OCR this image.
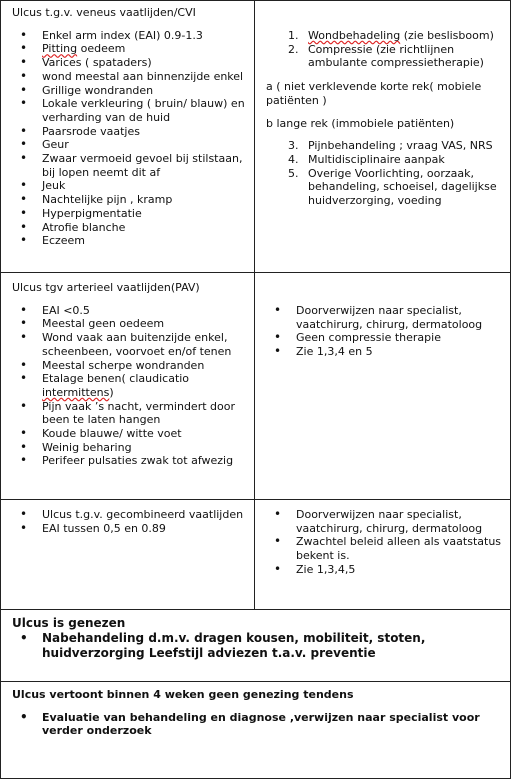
Ulcus t.g.v. veneus vaatlijden/CVI

• Enkel arm index (EAI) 0.9-1.3
• Pitting oedeem
• Varices ( spataders)
• wond meestal aan binnenzijde enkel
• Grillige wondranden
• Lokale verkleuring ( bruin/ blauw) en verharding van de huid
• Paarsrode vaatjes
• Geur
• Zwaar vermoeid gevoel bij stilstaan, bij lopen neemt dit af
• Jeuk
• Nachtelijke pijn , kramp
• Hyperpigmentatie
• Atrofie blanche
• Eczeem
1. Wondbehadeling (zie beslisboom)
2. Compressie (zie richtlijnen ambulante compressietherapie)

a ( niet verklevende korte rek( mobiele patiënten )

b lange rek (immobiele patiënten)

3. Pijnbehandeling ; vraag VAS, NRS
4. Multidisciplinaire aanpak
5. Overige Voorlichting, oorzaak, behandeling, schoeisel, dagelijkse huidverzorging, voeding

Ulcus tgv arterieel vaatlijden(PAV)

• EAI <0.5
• Meestal geen oedeem
• Wond vaak aan buitenzijde enkel, scheenbeen, voorvoet en/of tenen
• Meestal scherpe wondranden
• Etalage benen( claudicatio intermittens)
• Pijn vaak ’s nacht, vermindert door been te laten hangen
• Koude blauwe/ witte voet
• Weinig beharing
• Perifeer pulsaties zwak tot afwezig
• Doorverwijzen naar specialist, vaatchirurg, chirurg, dermatoloog
• Geen compressie therapie
• Zie 1,3,4 en 5
• Ulcus t.g.v. gecombineerd vaatlijden
• EAI tussen 0,5 en 0.89
• Doorverwijzen naar specialist, vaatchirurg, chirurg, dermatoloog
• Zwachtel beleid alleen als vaatstatus bekent is.
• Zie 1,3,4,5

Ulcus is genezen

• Nabehandeling d.m.v. dragen kousen, mobiliteit, stoten, huidverzorging Leefstijl adviezen t.a.v. preventie

Ulcus vertoont binnen 4 weken geen genezing tendens

• Evaluatie van behandeling en diagnose ,verwijzen naar specialist voor verder onderzoek
